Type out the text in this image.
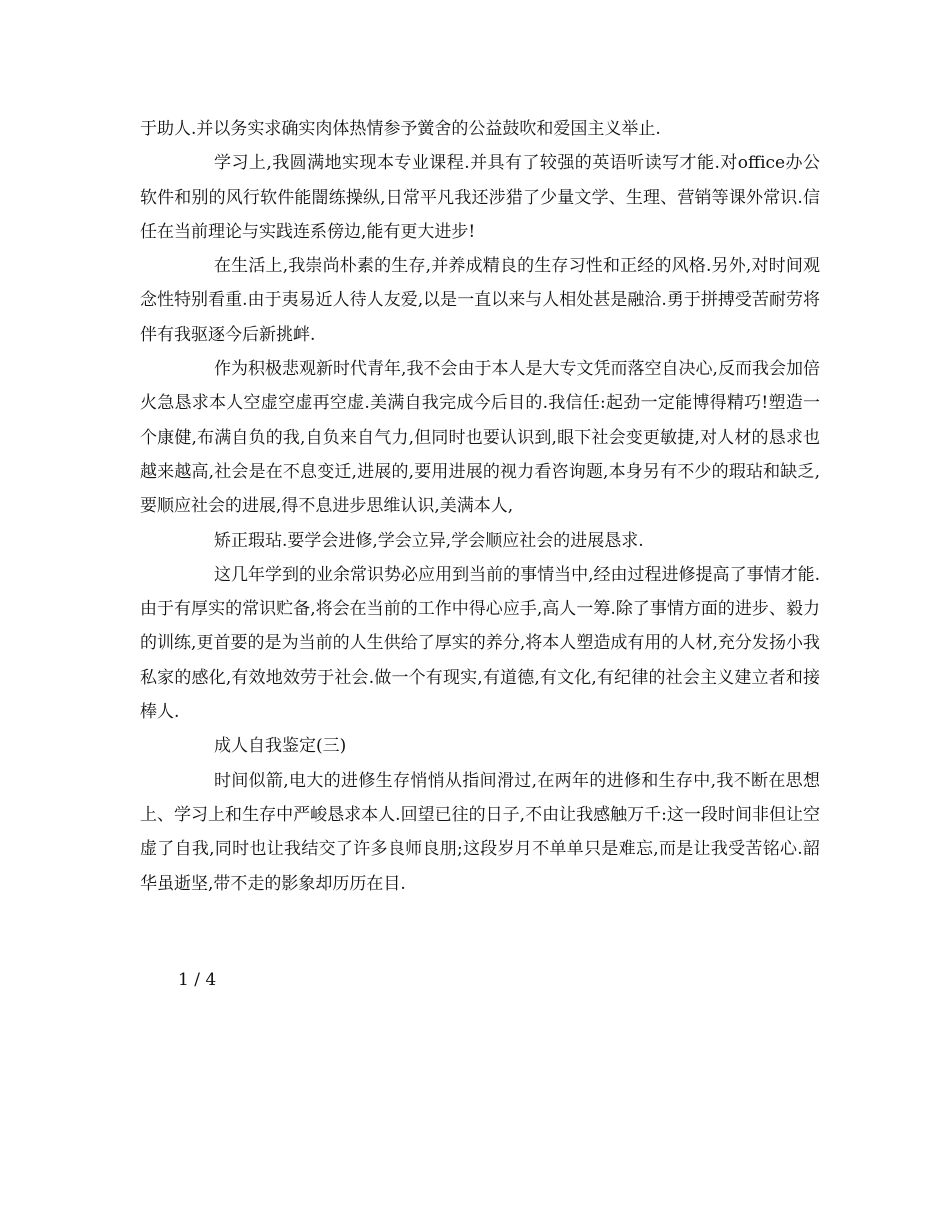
于助人.并以务实求确实肉体热情参予黉舍的公益鼓吹和爱国主义举止.

学习上,我圆满地实现本专业课程.并具有了较强的英语听读写才能.对office办公软件和别的风行软件能闇练操纵,日常平凡我还涉猎了少量文学、生理、营销等课外常识.信任在当前理论与实践连系傍边,能有更大进步!

在生活上,我崇尚朴素的生存,并养成精良的生存习性和正经的风格.另外,对时间观念性特别看重.由于夷易近人待人友爱,以是一直以来与人相处甚是融洽.勇于拼搏受苦耐劳将伴有我驱逐今后新挑衅.

作为积极悲观新时代青年,我不会由于本人是大专文凭而落空自决心,反而我会加倍火急恳求本人空虚空虚再空虚.美满自我完成今后目的.我信任:起劲一定能博得精巧!塑造一个康健,布满自负的我,自负来自气力,但同时也要认识到,眼下社会变更敏捷,对人材的恳求也越来越高,社会是在不息变迁,进展的,要用进展的视力看咨询题,本身另有不少的瑕玷和缺乏,要顺应社会的进展,得不息进步思维认识,美满本人,

矫正瑕玷.要学会进修,学会立异,学会顺应社会的进展恳求.

这几年学到的业余常识势必应用到当前的事情当中,经由过程进修提高了事情才能.由于有厚实的常识贮备,将会在当前的工作中得心应手,高人一筹.除了事情方面的进步、毅力的训练,更首要的是为当前的人生供给了厚实的养分,将本人塑造成有用的人材,充分发扬小我私家的感化,有效地效劳于社会.做一个有现实,有道德,有文化,有纪律的社会主义建立者和接棒人.

成人自我鉴定(三)

时间似箭,电大的进修生存悄悄从指间滑过,在两年的进修和生存中,我不断在思想上、学习上和生存中严峻恳求本人.回望已往的日子,不由让我感触万千:这一段时间非但让空虚了自我,同时也让我结交了许多良师良朋;这段岁月不单单只是难忘,而是让我受苦铭心.韶华虽逝坚,带不走的影象却历历在目.

1 / 4
